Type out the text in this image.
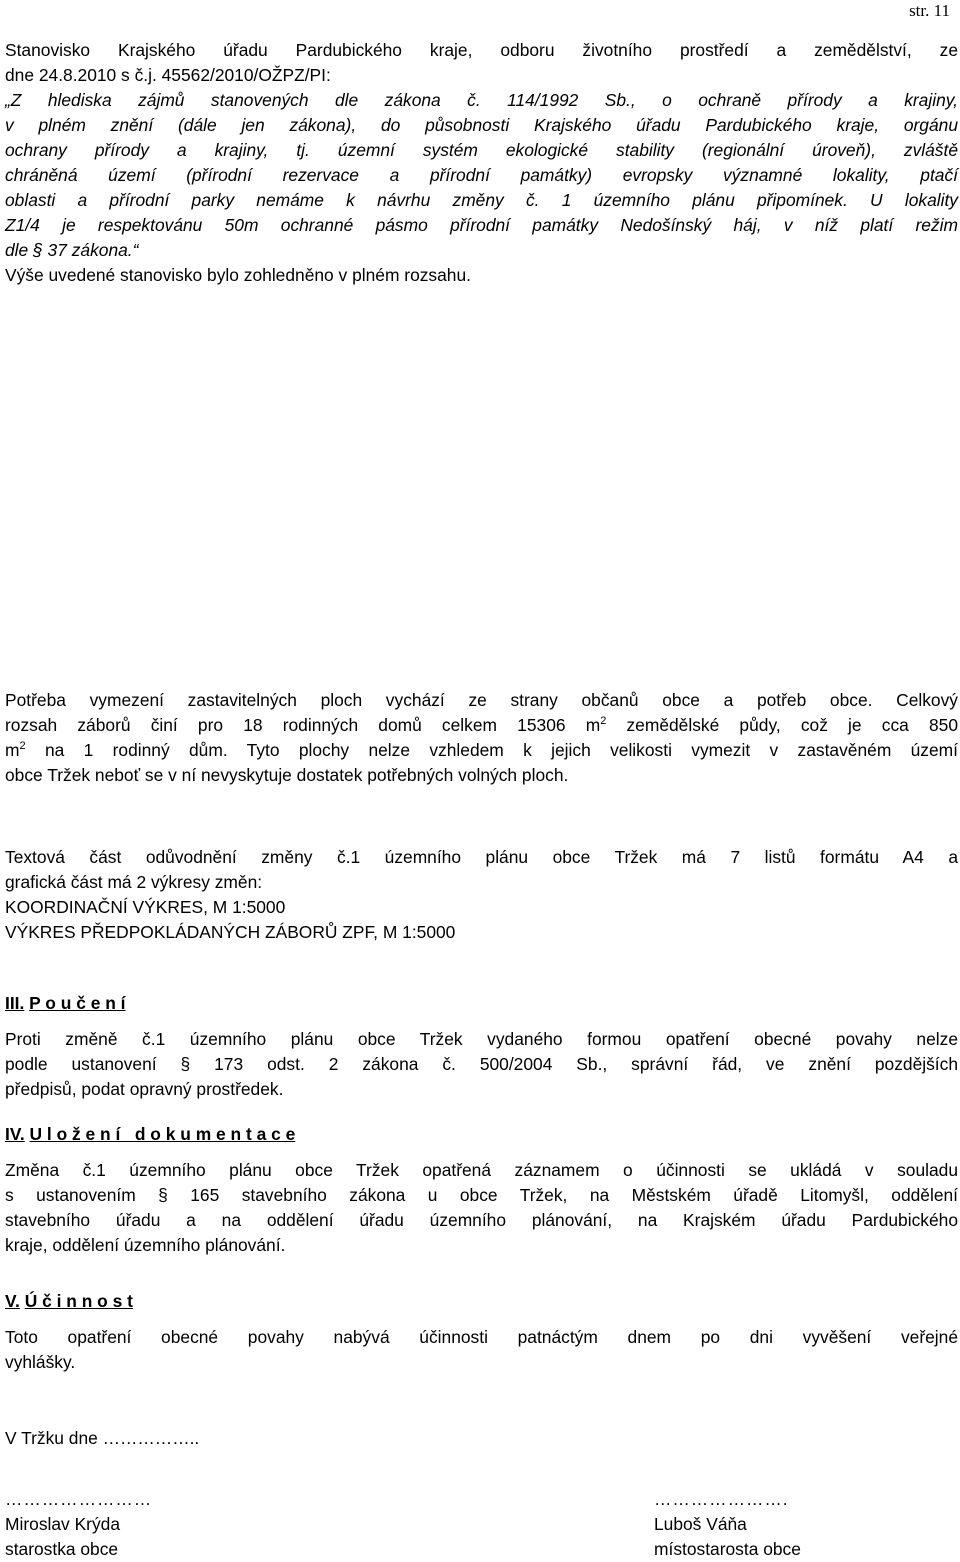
str. 11
Stanovisko Krajského úřadu Pardubického kraje, odboru životního prostředí a zemědělství, ze
dne 24.8.2010 s č.j. 45562/2010/OŽPZ/PI:
„Z hlediska zájmů stanovených dle zákona č. 114/1992 Sb., o ochraně přírody a krajiny,
v plném znění (dále jen zákona), do působnosti Krajského úřadu Pardubického kraje, orgánu
ochrany přírody a krajiny, tj. územní systém ekologické stability (regionální úroveň), zvláště
chráněná území (přírodní rezervace a přírodní památky) evropsky významné lokality, ptačí
oblasti a přírodní parky nemáme k návrhu změny č. 1 územního plánu připomínek. U lokality
Z1/4 je respektovánu 50m ochranné pásmo přírodní památky Nedošínský háj, v níž platí režim
dle § 37 zákona.“
Výše uvedené stanovisko bylo zohledněno v plném rozsahu.
Potřeba vymezení zastavitelných ploch vychází ze strany občanů obce a potřeb obce. Celkový
rozsah záborů činí pro 18 rodinných domů celkem 15306 $m^2$ zemědělské půdy, což je cca 850
$m^2$ na 1 rodinný dům. Tyto plochy nelze vzhledem k jejich velikosti vymezit v zastavěném území
obce Tržek neboť se v ní nevyskytuje dostatek potřebných volných ploch.
Textová část odůvodnění změny č.1 územního plánu obce Tržek má 7 listů formátu A4 a
grafická část má 2 výkresy změn:
KOORDINAČNÍ VÝKRES, M 1:5000
VÝKRES PŘEDPOKLÁDANÝCH ZÁBORŮ ZPF, M 1:5000
III. P o u č e n í
Proti změně č.1 územního plánu obce Tržek vydaného formou opatření obecné povahy nelze
podle ustanovení § 173 odst. 2 zákona č. 500/2004 Sb., správní řád, ve znění pozdějších
předpisů, podat opravný prostředek.
IV. U l o ž e n í   d o k u m e n t a c e
Změna č.1 územního plánu obce Tržek opatřená záznamem o účinnosti se ukládá v souladu
s ustanovením § 165 stavebního zákona u obce Tržek, na Městském úřadě Litomyšl, oddělení
stavebního úřadu a na oddělení úřadu územního plánování, na Krajském úřadu Pardubického
kraje, oddělení územního plánování.
V. Ú č i n n o s t
Toto opatření obecné povahy nabývá účinnosti patnáctým dnem po dni vyvěšení veřejné
vyhlášky.
V Tržku dne ……………..
……………………
Miroslav Krýda
starostka obce
………………….
Luboš Váňa
místostarosta obce
